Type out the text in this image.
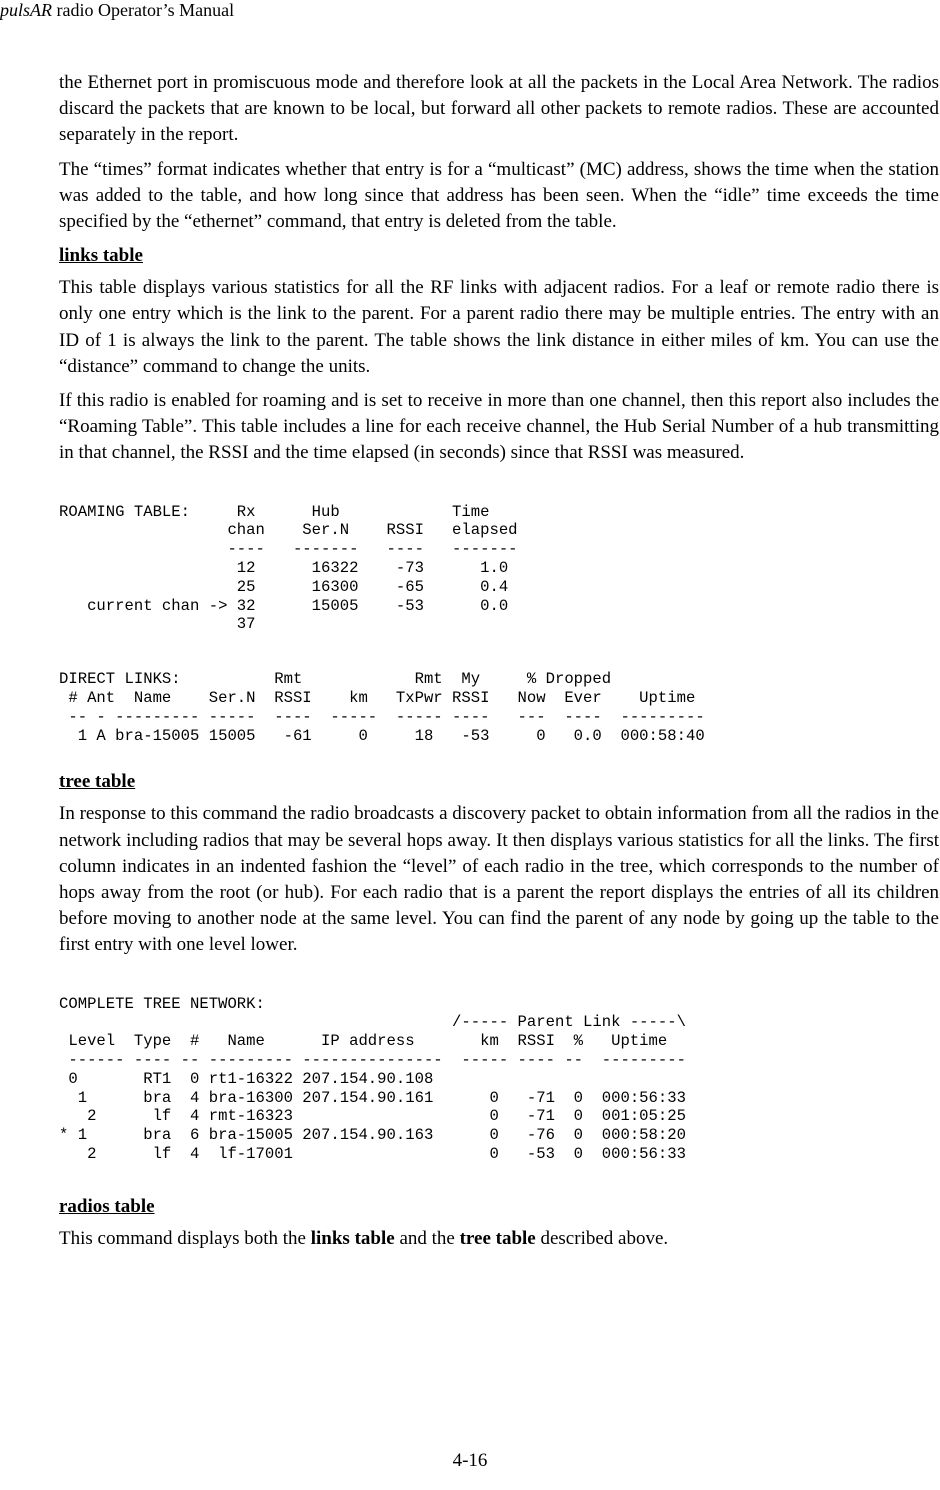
pulsAR radio Operator’s Manual

the Ethernet port in promiscuous mode and therefore look at all the packets in the Local Area Network. The radios discard the packets that are known to be local, but forward all other packets to remote radios. These are accounted separately in the report.

The “times” format indicates whether that entry is for a “multicast” (MC) address, shows the time when the station was added to the table, and how long since that address has been seen. When the “idle” time exceeds the time specified by the “ethernet” command, that entry is deleted from the table.

links table

This table displays various statistics for all the RF links with adjacent radios. For a leaf or remote radio there is only one entry which is the link to the parent. For a parent radio there may be multiple entries. The entry with an ID of 1 is always the link to the parent. The table shows the link distance in either miles of km. You can use the “distance” command to change the units.

If this radio is enabled for roaming and is set to receive in more than one channel, then this report also includes the “Roaming Table”. This table includes a line for each receive channel, the Hub Serial Number of a hub transmitting in that channel, the RSSI and the time elapsed (in seconds) since that RSSI was measured.

ROAMING TABLE:     Rx      Hub            Time
chan    Ser.N    RSSI   elapsed
----   -------   ----   -------
12      16322    -73      1.0
25      16300    -65      0.4
current chan -> 32      15005    -53      0.0
37
DIRECT LINKS:          Rmt            Rmt  My     % Dropped
# Ant  Name    Ser.N  RSSI    km   TxPwr RSSI   Now  Ever    Uptime
-- - --------- -----  ----  -----  ----- ----   ---  ----  ---------
1 A bra-15005 15005   -61     0     18   -53     0   0.0  000:58:40
tree table

In response to this command the radio broadcasts a discovery packet to obtain information from all the radios in the network including radios that may be several hops away. It then displays various statistics for all the links. The first column indicates in an indented fashion the “level” of each radio in the tree, which corresponds to the number of hops away from the root (or hub). For each radio that is a parent the report displays the entries of all its children before moving to another node at the same level. You can find the parent of any node by going up the table to the first entry with one level lower.

COMPLETE TREE NETWORK:
/----- Parent Link -----\
Level  Type  #   Name      IP address       km  RSSI  %   Uptime
------ ---- -- --------- ---------------  ----- ---- --  ---------
0       RT1  0 rt1-16322 207.154.90.108
1      bra  4 bra-16300 207.154.90.161      0   -71  0  000:56:33
2      lf  4 rmt-16323                     0   -71  0  001:05:25
* 1      bra  6 bra-15005 207.154.90.163      0   -76  0  000:58:20
2      lf  4  lf-17001                     0   -53  0  000:56:33
radios table

This command displays both the links table and the tree table described above.

4-16
